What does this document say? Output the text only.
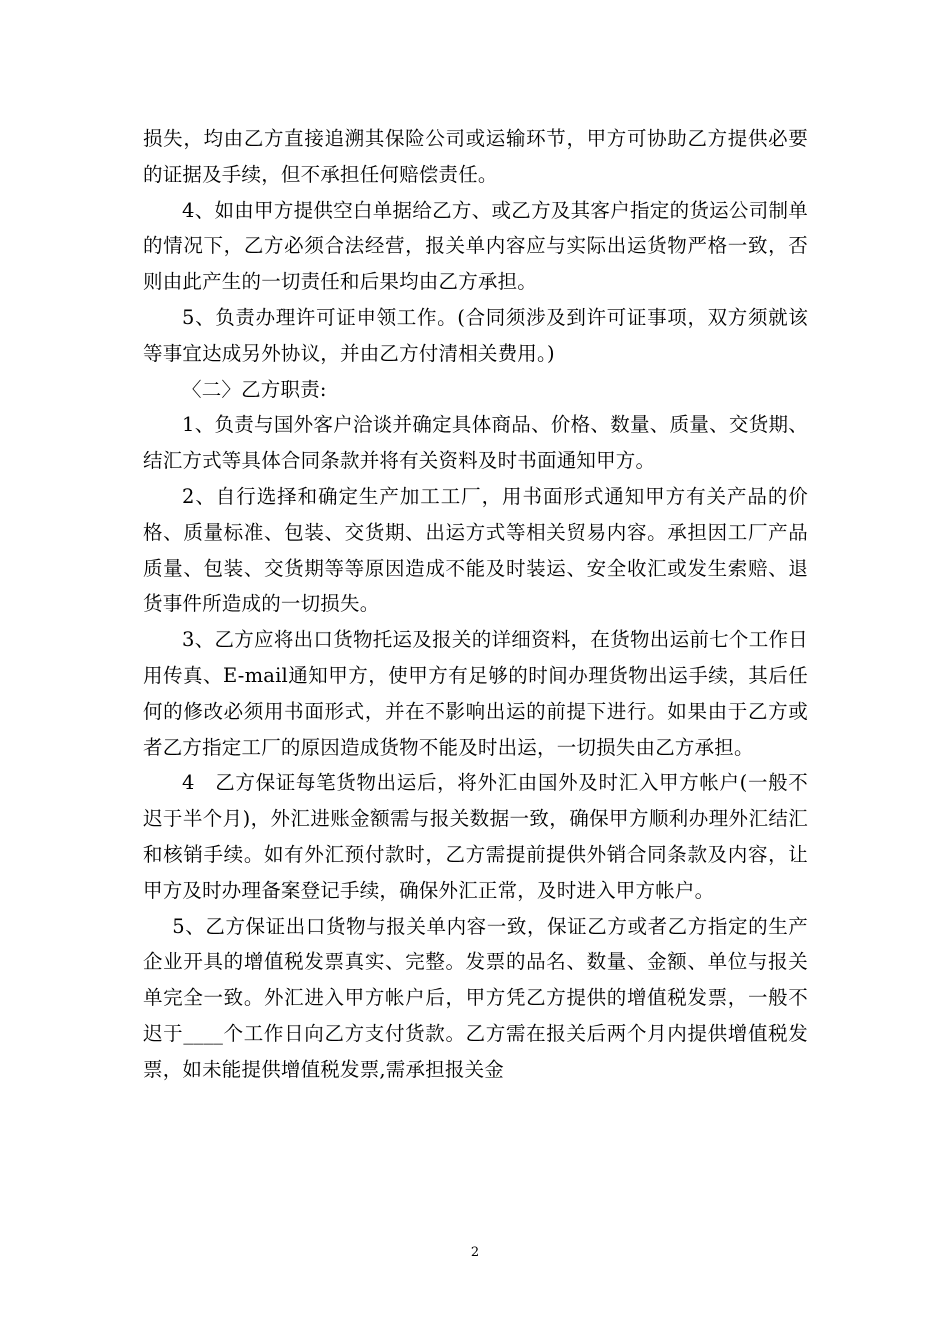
损失，均由乙方直接追溯其保险公司或运输环节，甲方可协助乙方提供必要的证据及手续，但不承担任何赔偿责任。

4、如由甲方提供空白单据给乙方、或乙方及其客户指定的货运公司制单的情况下，乙方必须合法经营，报关单内容应与实际出运货物严格一致，否则由此产生的一切责任和后果均由乙方承担。

5、负责办理许可证申领工作。(合同须涉及到许可证事项，双方须就该等事宜达成另外协议，并由乙方付清相关费用。)

〈二〉乙方职责:

1、负责与国外客户洽谈并确定具体商品、价格、数量、质量、交货期、结汇方式等具体合同条款并将有关资料及时书面通知甲方。

2、自行选择和确定生产加工工厂，用书面形式通知甲方有关产品的价格、质量标准、包装、交货期、出运方式等相关贸易内容。承担因工厂产品质量、包装、交货期等等原因造成不能及时装运、安全收汇或发生索赔、退货事件所造成的一切损失。

3、乙方应将出口货物托运及报关的详细资料，在货物出运前七个工作日用传真、E-mail通知甲方，使甲方有足够的时间办理货物出运手续，其后任何的修改必须用书面形式，并在不影响出运的前提下进行。如果由于乙方或者乙方指定工厂的原因造成货物不能及时出运，一切损失由乙方承担。

4　乙方保证每笔货物出运后，将外汇由国外及时汇入甲方帐户(一般不迟于半个月)，外汇进账金额需与报关数据一致，确保甲方顺利办理外汇结汇和核销手续。如有外汇预付款时，乙方需提前提供外销合同条款及内容，让甲方及时办理备案登记手续，确保外汇正常，及时进入甲方帐户。

5、乙方保证出口货物与报关单内容一致，保证乙方或者乙方指定的生产企业开具的增值税发票真实、完整。发票的品名、数量、金额、单位与报关单完全一致。外汇进入甲方帐户后，甲方凭乙方提供的增值税发票，一般不迟于____个工作日向乙方支付货款。乙方需在报关后两个月内提供增值税发票，如未能提供增值税发票,需承担报关金

2
